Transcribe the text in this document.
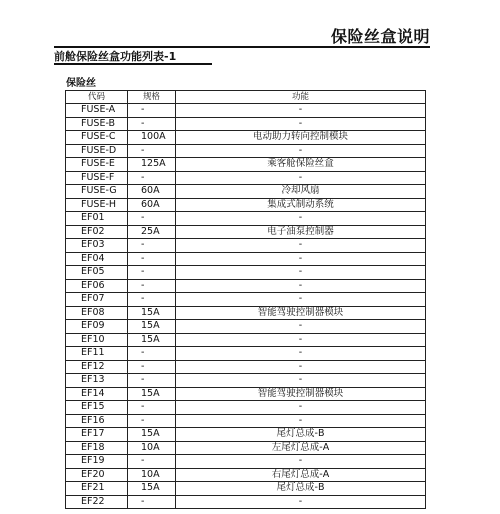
保险丝盒说明
前舱保险丝盒功能列表-1
保险丝
代码	规格	功能
FUSE-A	-	-
FUSE-B	-	-
FUSE-C	100A	电动助力转向控制模块
FUSE-D	-	-
FUSE-E	125A	乘客舱保险丝盒
FUSE-F	-	-
FUSE-G	60A	冷却风扇
FUSE-H	60A	集成式制动系统
EF01	-	-
EF02	25A	电子油泵控制器
EF03	-	-
EF04	-	-
EF05	-	-
EF06	-	-
EF07	-	-
EF08	15A	智能驾驶控制器模块
EF09	15A	-
EF10	15A	-
EF11	-	-
EF12	-	-
EF13	-	-
EF14	15A	智能驾驶控制器模块
EF15	-	-
EF16	-	-
EF17	15A	尾灯总成-B
EF18	10A	左尾灯总成-A
EF19	-	-
EF20	10A	右尾灯总成-A
EF21	15A	尾灯总成-B
EF22	-	-
